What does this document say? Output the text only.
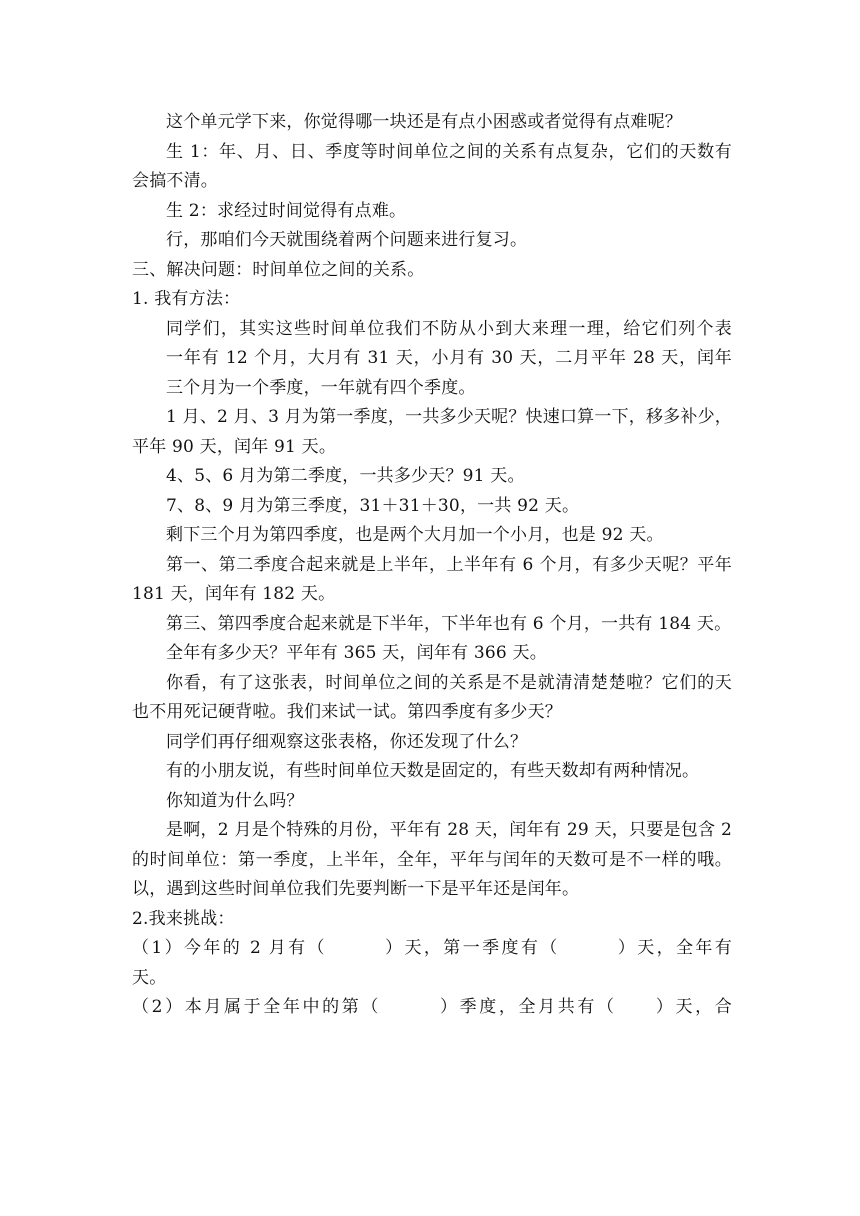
这个单元学下来，你觉得哪一块还是有点小困惑或者觉得有点难呢？
生 1：年、月、日、季度等时间单位之间的关系有点复杂，它们的天数有
会搞不清。
生 2：求经过时间觉得有点难。
行，那咱们今天就围绕着两个问题来进行复习。
三、解决问题：时间单位之间的关系。
1. 我有方法：
同学们，其实这些时间单位我们不防从小到大来理一理，给它们列个表
一年有 12 个月，大月有 31 天，小月有 30 天，二月平年 28 天，闰年
三个月为一个季度，一年就有四个季度。
1 月、2 月、3 月为第一季度，一共多少天呢？快速口算一下，移多补少，
平年 90 天，闰年 91 天。
4、5、6 月为第二季度，一共多少天？91 天。
7、8、9 月为第三季度，31＋31＋30，一共 92 天。
剩下三个月为第四季度，也是两个大月加一个小月，也是 92 天。
第一、第二季度合起来就是上半年，上半年有 6 个月，有多少天呢？平年
181 天，闰年有 182 天。
第三、第四季度合起来就是下半年，下半年也有 6 个月，一共有 184 天。
全年有多少天？平年有 365 天，闰年有 366 天。
你看，有了这张表，时间单位之间的关系是不是就清清楚楚啦？它们的天
也不用死记硬背啦。我们来试一试。第四季度有多少天？
同学们再仔细观察这张表格，你还发现了什么？
有的小朋友说，有些时间单位天数是固定的，有些天数却有两种情况。
你知道为什么吗？
是啊，2 月是个特殊的月份，平年有 28 天，闰年有 29 天，只要是包含 2
的时间单位：第一季度，上半年，全年，平年与闰年的天数可是不一样的哦。
以，遇到这些时间单位我们先要判断一下是平年还是闰年。
2.我来挑战：
（1）今年的 2 月有（　　　）天，第一季度有（　　　）天，全年有　　　
天。
（2）本月属于全年中的第（　　　）季度，全月共有（　　）天，合　　　
